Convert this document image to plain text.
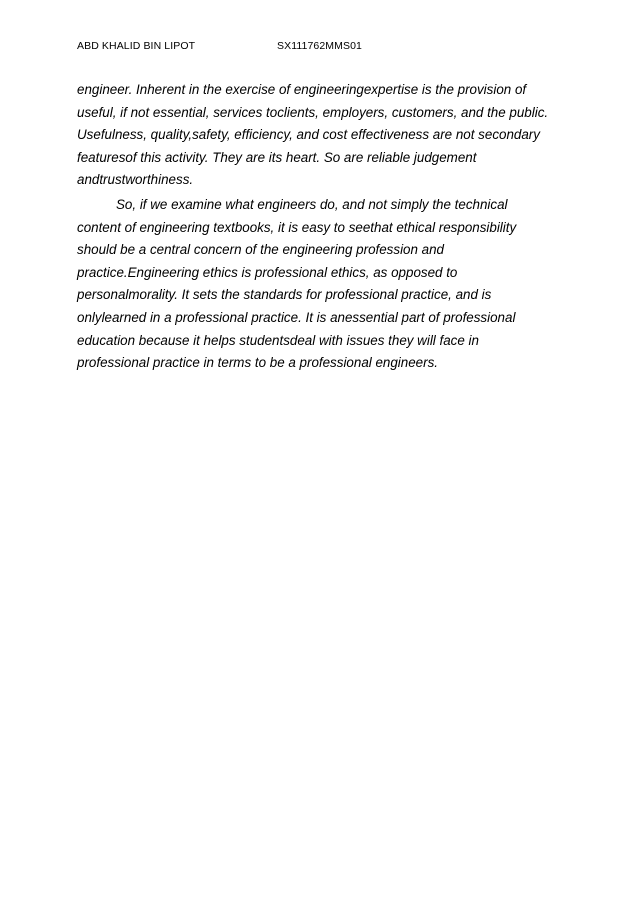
ABD KHALID BIN LIPOT	SX111762MMS01
engineer. Inherent in the exercise of engineeringexpertise is the provision of
useful, if not essential, services toclients, employers, customers, and the public.
Usefulness, quality,safety, efficiency, and cost effectiveness are not secondary
featuresof this activity. They are its heart. So are reliable judgement
andtrustworthiness.
So, if we examine what engineers do, and not simply the technical
content of engineering textbooks, it is easy to seethat ethical responsibility
should be a central concern of the engineering profession and
practice.Engineering ethics is professional ethics, as opposed to
personalmorality. It sets the standards for professional practice, and is
onlylearned in a professional practice. It is anessential part of professional
education because it helps studentsdeal with issues they will face in
professional practice in terms to be a professional engineers.
